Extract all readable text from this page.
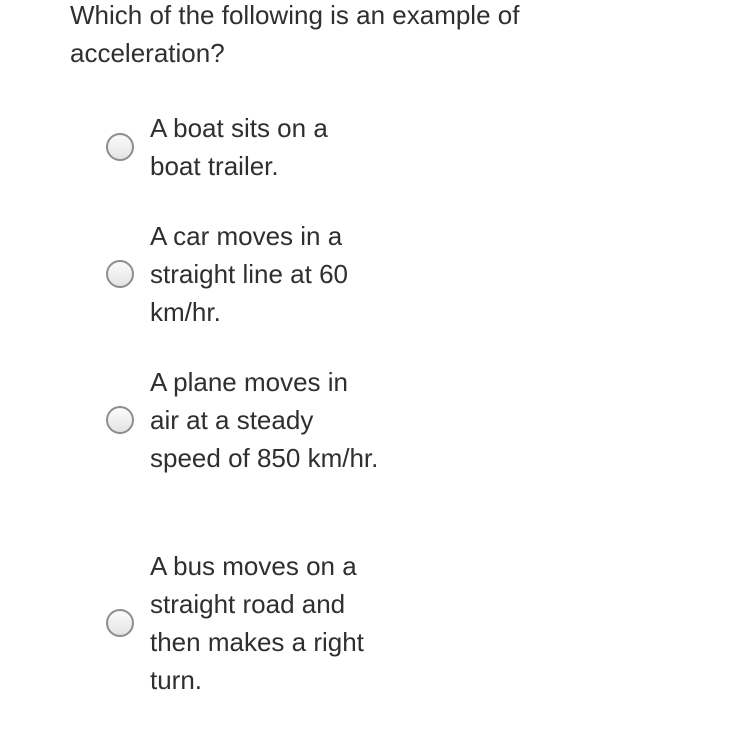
Which of the following is an example of acceleration?
A boat sits on a boat trailer.
A car moves in a straight line at 60 km/hr.
A plane moves in air at a steady speed of 850 km/hr.
A bus moves on a straight road and then makes a right turn.
